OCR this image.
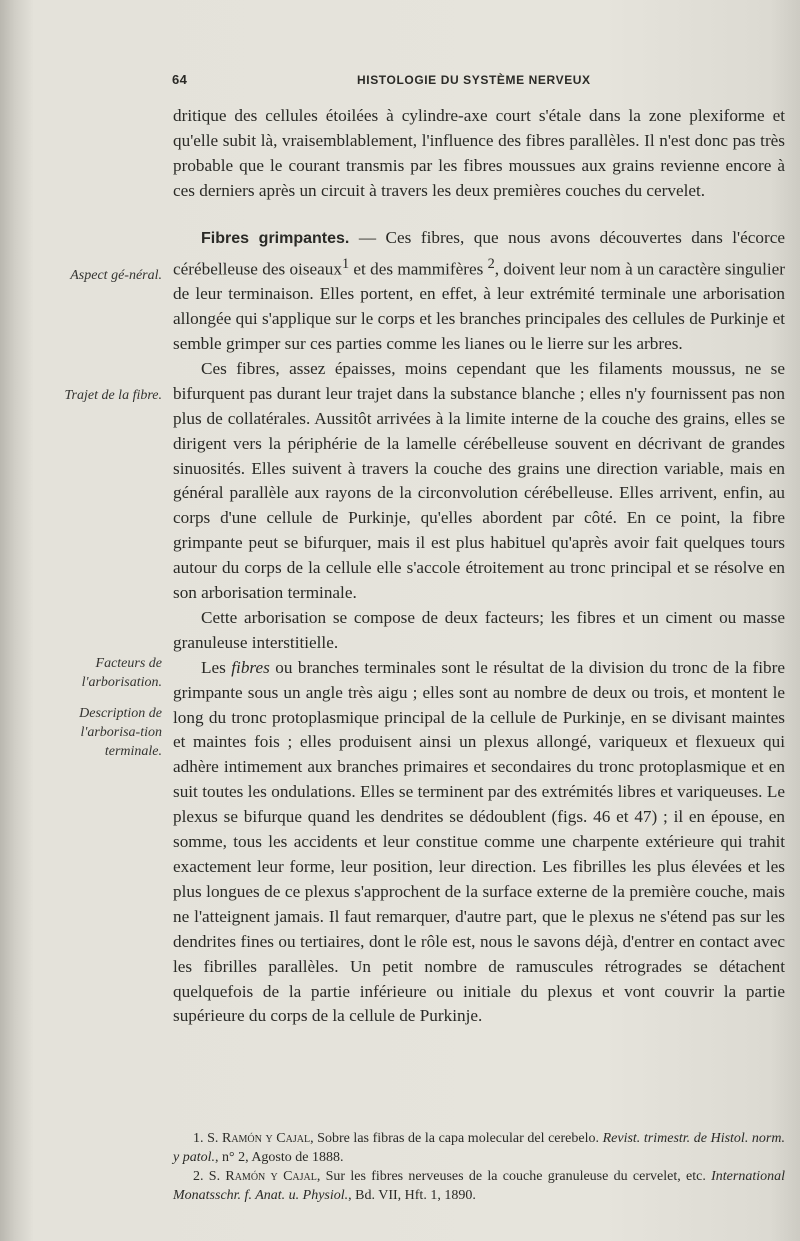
64	HISTOLOGIE DU SYSTÈME NERVEUX
Aspect gé-néral.
Trajet de la fibre.
Facteurs de l'arborisation.
Description de l'arborisa-tion terminale.

dritique des cellules étoilées à cylindre-axe court s'étale dans la zone plexiforme et qu'elle subit là, vraisemblablement, l'influence des fibres parallèles. Il n'est donc pas très probable que le courant transmis par les fibres moussues aux grains revienne encore à ces derniers après un circuit à travers les deux premières couches du cervelet.

Fibres grimpantes. — Ces fibres, que nous avons découvertes dans l'écorce cérébelleuse des oiseaux$^1$ et des mammifères $^2$, doivent leur nom à un caractère singulier de leur terminaison. Elles portent, en effet, à leur extrémité terminale une arborisation allongée qui s'applique sur le corps et les branches principales des cellules de Purkinje et semble grimper sur ces parties comme les lianes ou le lierre sur les arbres.

Ces fibres, assez épaisses, moins cependant que les filaments moussus, ne se bifurquent pas durant leur trajet dans la substance blanche ; elles n'y fournissent pas non plus de collatérales. Aussitôt arrivées à la limite interne de la couche des grains, elles se dirigent vers la périphérie de la lamelle cérébelleuse souvent en décrivant de grandes sinuosités. Elles suivent à travers la couche des grains une direction variable, mais en général parallèle aux rayons de la circonvolution cérébelleuse. Elles arrivent, enfin, au corps d'une cellule de Purkinje, qu'elles abordent par côté. En ce point, la fibre grimpante peut se bifurquer, mais il est plus habituel qu'après avoir fait quelques tours autour du corps de la cellule elle s'accole étroitement au tronc principal et se résolve en son arborisation terminale.

Cette arborisation se compose de deux facteurs; les fibres et un ciment ou masse granuleuse interstitielle.

Les fibres ou branches terminales sont le résultat de la division du tronc de la fibre grimpante sous un angle très aigu ; elles sont au nombre de deux ou trois, et montent le long du tronc protoplasmique principal de la cellule de Purkinje, en se divisant maintes et maintes fois ; elles produisent ainsi un plexus allongé, variqueux et flexueux qui adhère intimement aux branches primaires et secondaires du tronc protoplasmique et en suit toutes les ondulations. Elles se terminent par des extrémités libres et variqueuses. Le plexus se bifurque quand les dendrites se dédoublent (figs. 46 et 47) ; il en épouse, en somme, tous les accidents et leur constitue comme une charpente extérieure qui trahit exactement leur forme, leur position, leur direction. Les fibrilles les plus élevées et les plus longues de ce plexus s'approchent de la surface externe de la première couche, mais ne l'atteignent jamais. Il faut remarquer, d'autre part, que le plexus ne s'étend pas sur les dendrites fines ou tertiaires, dont le rôle est, nous le savons déjà, d'entrer en contact avec les fibrilles parallèles. Un petit nombre de ramuscules rétrogrades se détachent quelquefois de la partie inférieure ou initiale du plexus et vont couvrir la partie supérieure du corps de la cellule de Purkinje.

1. S. Ramón y Cajal, Sobre las fibras de la capa molecular del cerebelo. Revist. trimestr. de Histol. norm. y patol., n° 2, Agosto de 1888.

2. S. Ramón y Cajal, Sur les fibres nerveuses de la couche granuleuse du cervelet, etc. International Monatsschr. f. Anat. u. Physiol., Bd. VII, Hft. 1, 1890.
